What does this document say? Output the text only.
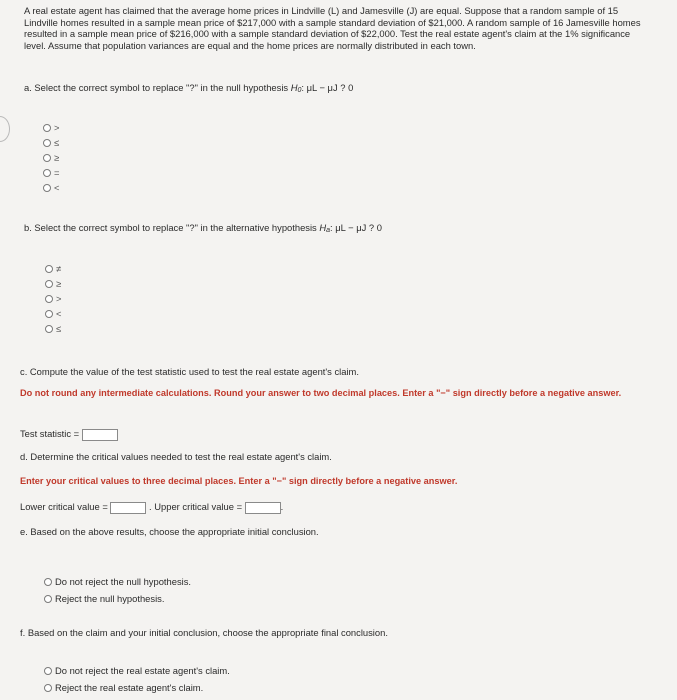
A real estate agent has claimed that the average home prices in Lindville (L) and Jamesville (J) are equal. Suppose that a random sample of 15 Lindville homes resulted in a sample mean price of $217,000 with a sample standard deviation of $21,000. A random sample of 16 Jamesville homes resulted in a sample mean price of $216,000 with a sample standard deviation of $22,000. Test the real estate agent's claim at the 1% significance level. Assume that population variances are equal and the home prices are normally distributed in each town.
a. Select the correct symbol to replace "?" in the null hypothesis H0: μL − μJ ? 0
>
≤
≥
=
<
b. Select the correct symbol to replace "?" in the alternative hypothesis Ha: μL − μJ ? 0
≠
≥
>
<
≤
c. Compute the value of the test statistic used to test the real estate agent's claim.
Do not round any intermediate calculations. Round your answer to two decimal places. Enter a "−" sign directly before a negative answer.
Test statistic =
d. Determine the critical values needed to test the real estate agent's claim.
Enter your critical values to three decimal places. Enter a "−" sign directly before a negative answer.
Lower critical value =	. Upper critical value =	.
e. Based on the above results, choose the appropriate initial conclusion.
Do not reject the null hypothesis.
Reject the null hypothesis.
f. Based on the claim and your initial conclusion, choose the appropriate final conclusion.
Do not reject the real estate agent's claim.
Reject the real estate agent's claim.
